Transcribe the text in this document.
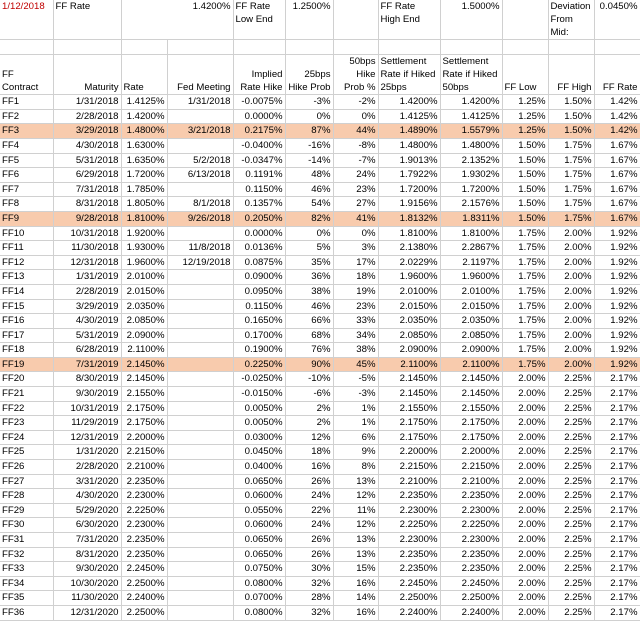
1/12/2018	FF Rate	1.4200%		FF Rate Low End	1.2500%		FF Rate High End	1.5000%		Deviation From Mid:	0.0450%

FF Contract	Maturity	Rate	Fed Meeting	Implied Rate Hike	25bps Hike Prob	50bps Hike Prob %	Settlement Rate if Hiked 25bps	Settlement Rate if Hiked 50bps	FF Low	FF High	FF Rate
FF1	1/31/2018	1.4125%	1/31/2018	-0.0075%	-3%	-2%	1.4200%	1.4200%	1.25%	1.50%	1.42%
FF2	2/28/2018	1.4200%		0.0000%	0%	0%	1.4125%	1.4125%	1.25%	1.50%	1.42%
FF3	3/29/2018	1.4800%	3/21/2018	0.2175%	87%	44%	1.4890%	1.5579%	1.25%	1.50%	1.42%
FF4	4/30/2018	1.6300%		-0.0400%	-16%	-8%	1.4800%	1.4800%	1.50%	1.75%	1.67%
FF5	5/31/2018	1.6350%	5/2/2018	-0.0347%	-14%	-7%	1.9013%	2.1352%	1.50%	1.75%	1.67%
FF6	6/29/2018	1.7200%	6/13/2018	0.1191%	48%	24%	1.7922%	1.9302%	1.50%	1.75%	1.67%
FF7	7/31/2018	1.7850%		0.1150%	46%	23%	1.7200%	1.7200%	1.50%	1.75%	1.67%
FF8	8/31/2018	1.8050%	8/1/2018	0.1357%	54%	27%	1.9156%	2.1576%	1.50%	1.75%	1.67%
FF9	9/28/2018	1.8100%	9/26/2018	0.2050%	82%	41%	1.8132%	1.8311%	1.50%	1.75%	1.67%
FF10	10/31/2018	1.9200%		0.0000%	0%	0%	1.8100%	1.8100%	1.75%	2.00%	1.92%
FF11	11/30/2018	1.9300%	11/8/2018	0.0136%	5%	3%	2.1380%	2.2867%	1.75%	2.00%	1.92%
FF12	12/31/2018	1.9600%	12/19/2018	0.0875%	35%	17%	2.0229%	2.1197%	1.75%	2.00%	1.92%
FF13	1/31/2019	2.0100%		0.0900%	36%	18%	1.9600%	1.9600%	1.75%	2.00%	1.92%
FF14	2/28/2019	2.0150%		0.0950%	38%	19%	2.0100%	2.0100%	1.75%	2.00%	1.92%
FF15	3/29/2019	2.0350%		0.1150%	46%	23%	2.0150%	2.0150%	1.75%	2.00%	1.92%
FF16	4/30/2019	2.0850%		0.1650%	66%	33%	2.0350%	2.0350%	1.75%	2.00%	1.92%
FF17	5/31/2019	2.0900%		0.1700%	68%	34%	2.0850%	2.0850%	1.75%	2.00%	1.92%
FF18	6/28/2019	2.1100%		0.1900%	76%	38%	2.0900%	2.0900%	1.75%	2.00%	1.92%
FF19	7/31/2019	2.1450%		0.2250%	90%	45%	2.1100%	2.1100%	1.75%	2.00%	1.92%
FF20	8/30/2019	2.1450%		-0.0250%	-10%	-5%	2.1450%	2.1450%	2.00%	2.25%	2.17%
FF21	9/30/2019	2.1550%		-0.0150%	-6%	-3%	2.1450%	2.1450%	2.00%	2.25%	2.17%
FF22	10/31/2019	2.1750%		0.0050%	2%	1%	2.1550%	2.1550%	2.00%	2.25%	2.17%
FF23	11/29/2019	2.1750%		0.0050%	2%	1%	2.1750%	2.1750%	2.00%	2.25%	2.17%
FF24	12/31/2019	2.2000%		0.0300%	12%	6%	2.1750%	2.1750%	2.00%	2.25%	2.17%
FF25	1/31/2020	2.2150%		0.0450%	18%	9%	2.2000%	2.2000%	2.00%	2.25%	2.17%
FF26	2/28/2020	2.2100%		0.0400%	16%	8%	2.2150%	2.2150%	2.00%	2.25%	2.17%
FF27	3/31/2020	2.2350%		0.0650%	26%	13%	2.2100%	2.2100%	2.00%	2.25%	2.17%
FF28	4/30/2020	2.2300%		0.0600%	24%	12%	2.2350%	2.2350%	2.00%	2.25%	2.17%
FF29	5/29/2020	2.2250%		0.0550%	22%	11%	2.2300%	2.2300%	2.00%	2.25%	2.17%
FF30	6/30/2020	2.2300%		0.0600%	24%	12%	2.2250%	2.2250%	2.00%	2.25%	2.17%
FF31	7/31/2020	2.2350%		0.0650%	26%	13%	2.2300%	2.2300%	2.00%	2.25%	2.17%
FF32	8/31/2020	2.2350%		0.0650%	26%	13%	2.2350%	2.2350%	2.00%	2.25%	2.17%
FF33	9/30/2020	2.2450%		0.0750%	30%	15%	2.2350%	2.2350%	2.00%	2.25%	2.17%
FF34	10/30/2020	2.2500%		0.0800%	32%	16%	2.2450%	2.2450%	2.00%	2.25%	2.17%
FF35	11/30/2020	2.2400%		0.0700%	28%	14%	2.2500%	2.2500%	2.00%	2.25%	2.17%
FF36	12/31/2020	2.2500%		0.0800%	32%	16%	2.2400%	2.2400%	2.00%	2.25%	2.17%
